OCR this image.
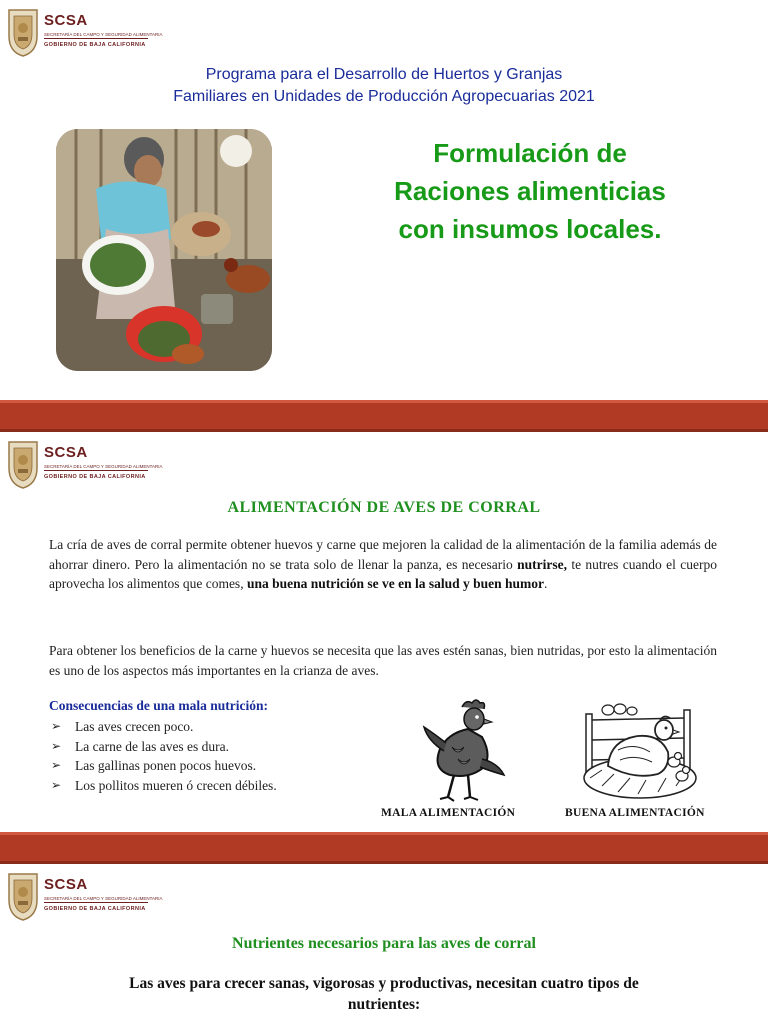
SCSA
SECRETARÍA DEL CAMPO Y SEGURIDAD ALIMENTARIA
GOBIERNO DE BAJA CALIFORNIA
Programa para el Desarrollo de Huertos y Granjas
Familiares en Unidades de Producción Agropecuarias 2021
Formulación de
Raciones alimenticias
con insumos locales.
SCSA
SECRETARÍA DEL CAMPO Y SEGURIDAD ALIMENTARIA
GOBIERNO DE BAJA CALIFORNIA
ALIMENTACIÓN DE AVES DE CORRAL
La cría de aves de corral permite obtener huevos y carne que mejoren la calidad de la alimentación de la familia además de ahorrar dinero. Pero la alimentación no se trata solo de llenar la panza, es necesario nutrirse, te nutres cuando el cuerpo aprovecha los alimentos que comes, una buena nutrición se ve en la salud y buen humor.
Para obtener los beneficios de la carne y huevos se necesita que las aves estén sanas, bien nutridas, por esto la alimentación es uno de los aspectos más importantes en la crianza de aves.
Consecuencias de una mala nutrición:
➢ Las aves crecen poco.
➢ La carne de las aves es dura.
➢ Las gallinas ponen pocos huevos.
➢ Los pollitos mueren ó crecen débiles.
MALA ALIMENTACIÓN	BUENA ALIMENTACIÓN
SCSA
SECRETARÍA DEL CAMPO Y SEGURIDAD ALIMENTARIA
GOBIERNO DE BAJA CALIFORNIA
Nutrientes necesarios para las aves de corral
Las aves para crecer sanas, vigorosas y productivas, necesitan cuatro tipos de
nutrientes:
